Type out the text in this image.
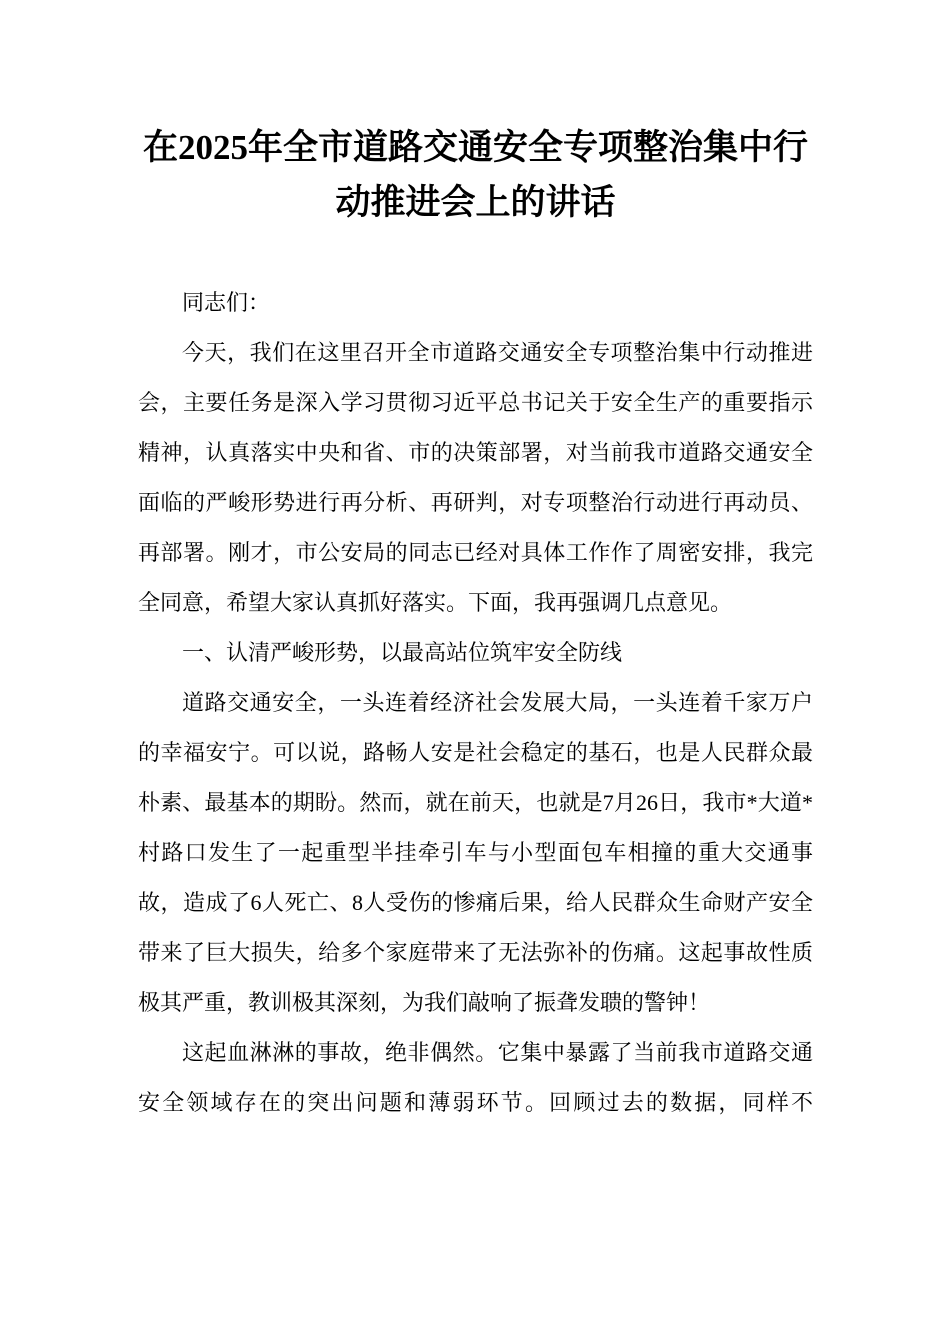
在2025年全市道路交通安全专项整治集中行动推进会上的讲话

同志们：

今天，我们在这里召开全市道路交通安全专项整治集中行动推进会，主要任务是深入学习贯彻习近平总书记关于安全生产的重要指示精神，认真落实中央和省、市的决策部署，对当前我市道路交通安全面临的严峻形势进行再分析、再研判，对专项整治行动进行再动员、再部署。刚才，市公安局的同志已经对具体工作作了周密安排，我完全同意，希望大家认真抓好落实。下面，我再强调几点意见。

一、认清严峻形势，以最高站位筑牢安全防线

道路交通安全，一头连着经济社会发展大局，一头连着千家万户的幸福安宁。可以说，路畅人安是社会稳定的基石，也是人民群众最朴素、最基本的期盼。然而，就在前天，也就是7月26日，我市*大道*村路口发生了一起重型半挂牵引车与小型面包车相撞的重大交通事故，造成了6人死亡、8人受伤的惨痛后果，给人民群众生命财产安全带来了巨大损失，给多个家庭带来了无法弥补的伤痛。这起事故性质极其严重，教训极其深刻，为我们敲响了振聋发聩的警钟！

这起血淋淋的事故，绝非偶然。它集中暴露了当前我市道路交通安全领域存在的突出问题和薄弱环节。回顾过去的数据，同样不
